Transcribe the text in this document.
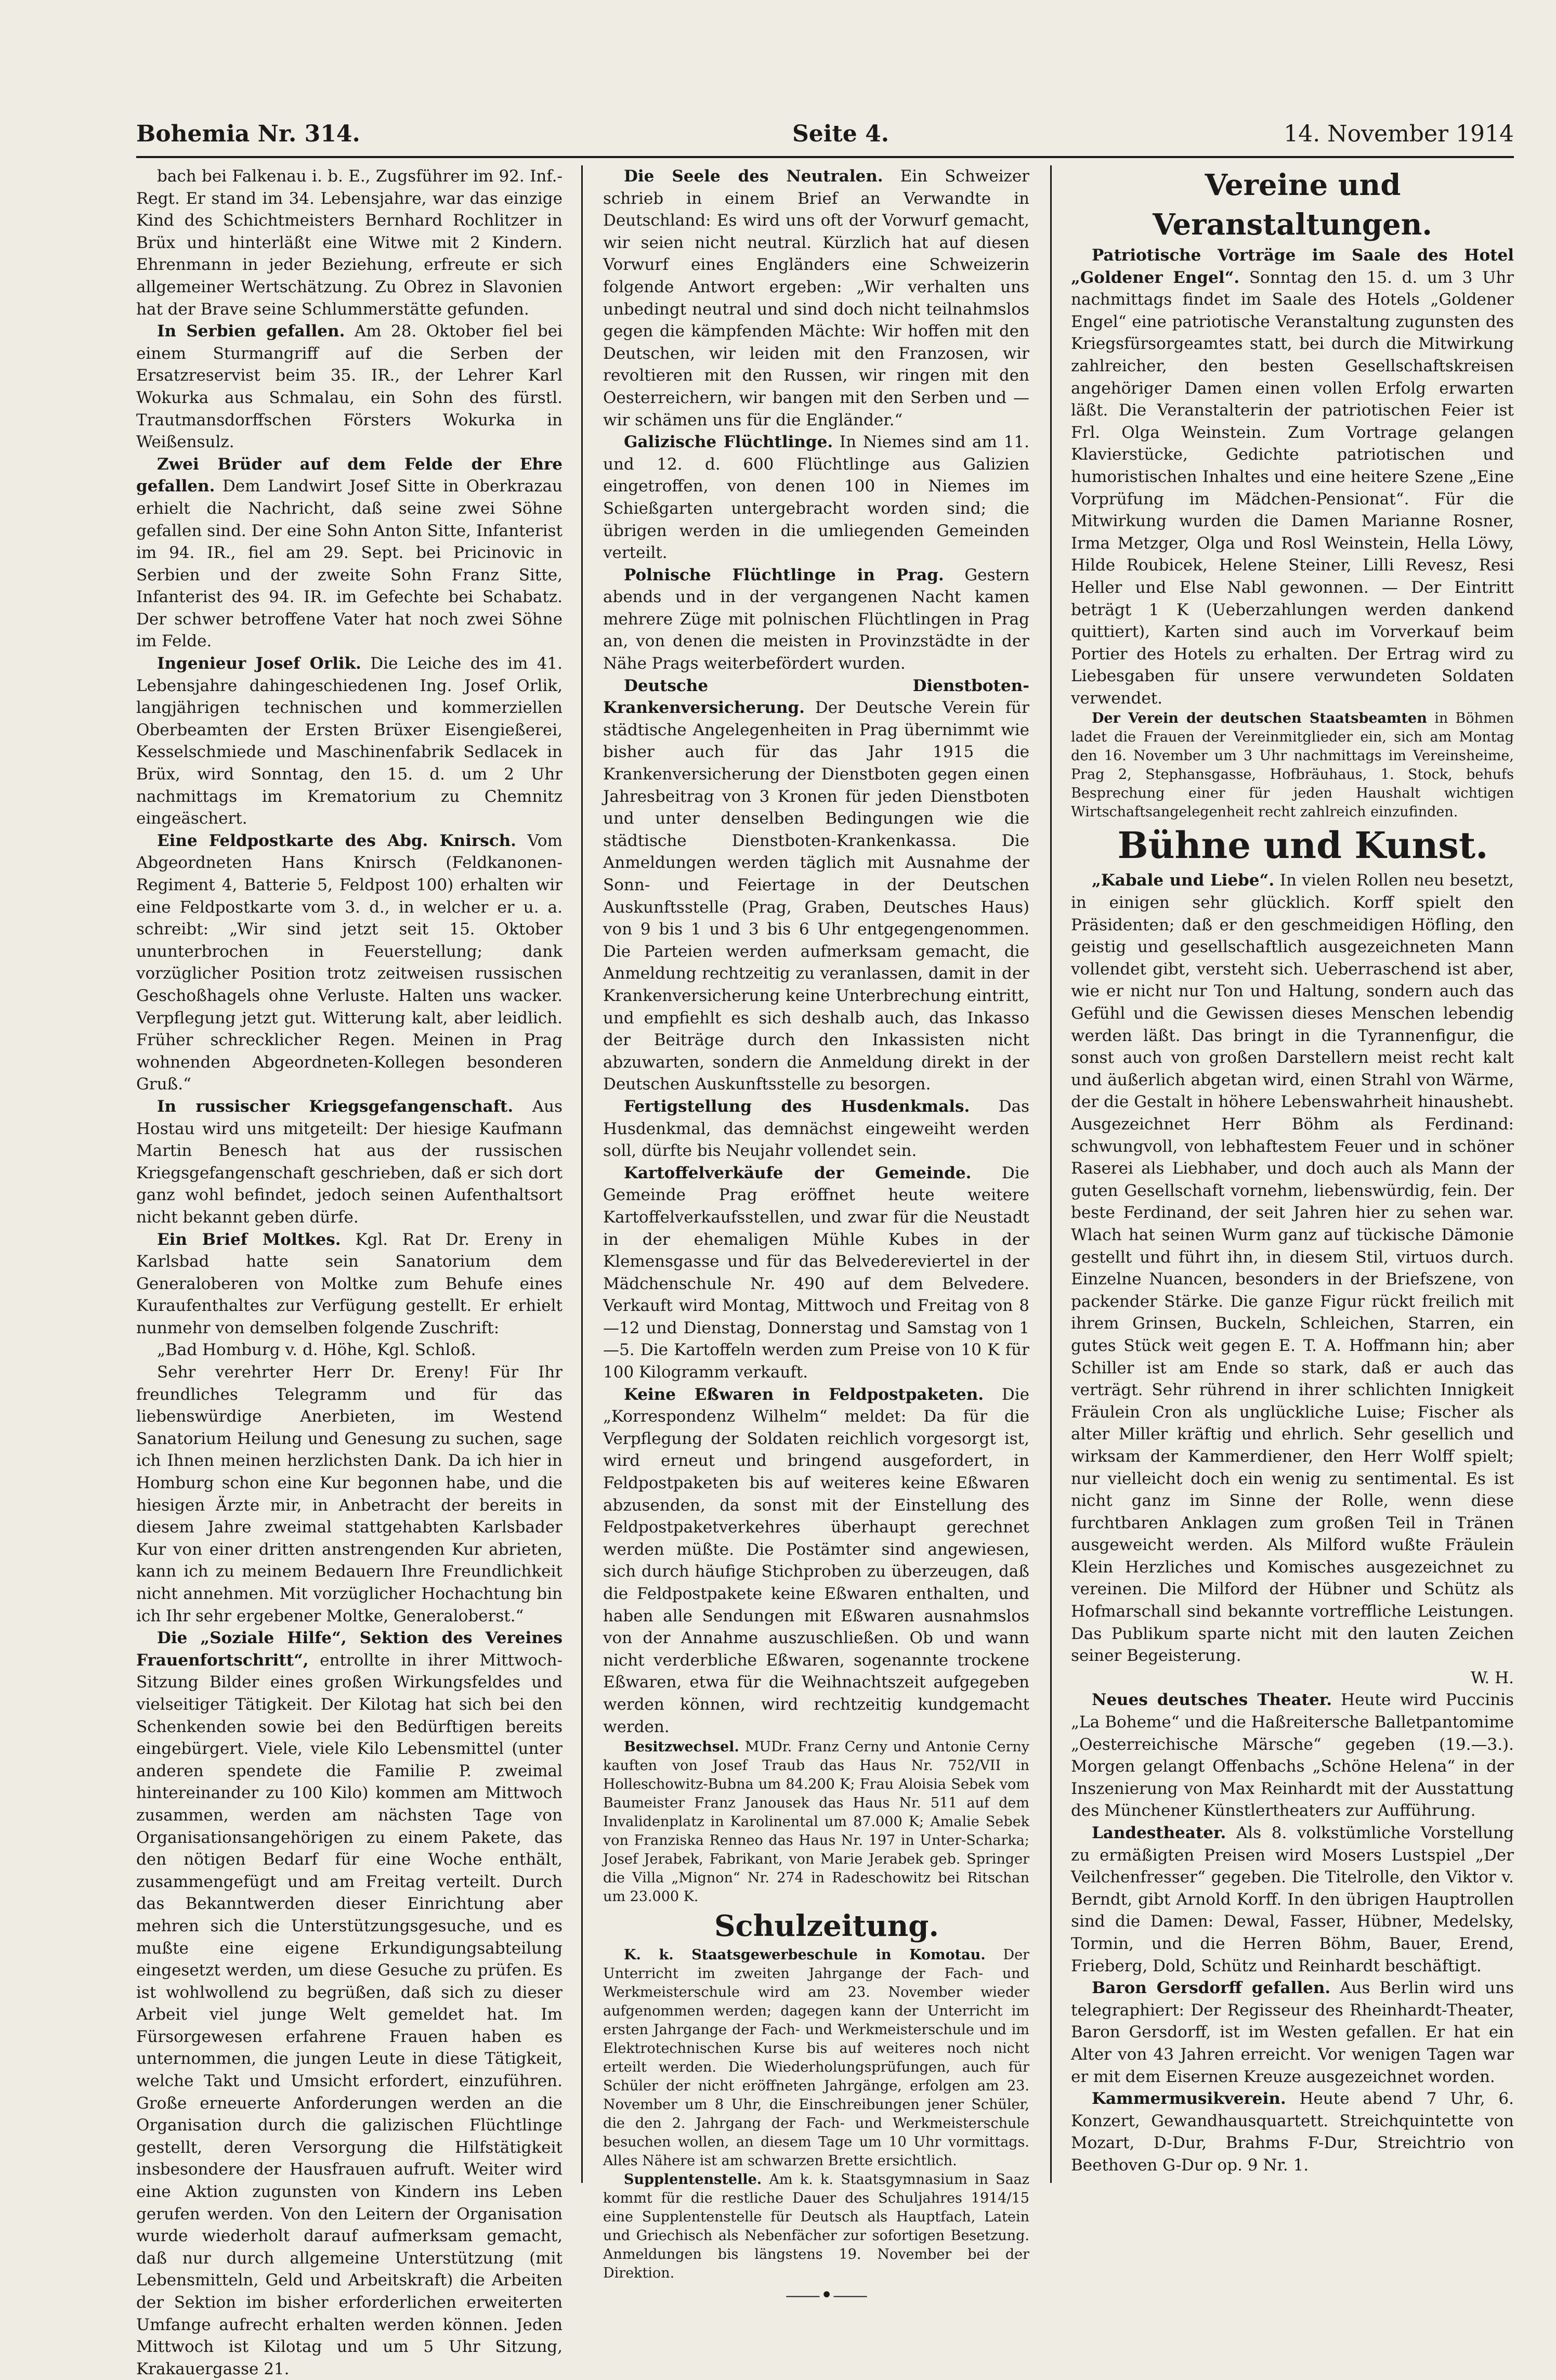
Bohemia Nr. 314.	Seite 4.	14. November 1914

bach bei Falkenau i. b. E., Zugsführer im 92. Inf.-Regt. Er stand im 34. Lebensjahre, war das einzige Kind des Schichtmeisters Bernhard Rochlitzer in Brüx und hinterläßt eine Witwe mit 2 Kindern. Ehrenmann in jeder Beziehung, erfreute er sich allgemeiner Wertschätzung. Zu Obrez in Slavonien hat der Brave seine Schlummerstätte gefunden.

In Serbien gefallen. Am 28. Oktober fiel bei einem Sturmangriff auf die Serben der Ersatzreservist beim 35. IR., der Lehrer Karl Wokurka aus Schmalau, ein Sohn des fürstl. Trautmansdorffschen Försters Wokurka in Weißensulz.

Zwei Brüder auf dem Felde der Ehre gefallen. Dem Landwirt Josef Sitte in Oberkrazau erhielt die Nachricht, daß seine zwei Söhne gefallen sind. Der eine Sohn Anton Sitte, Infanterist im 94. IR., fiel am 29. Sept. bei Pricinovic in Serbien und der zweite Sohn Franz Sitte, Infanterist des 94. IR. im Gefechte bei Schabatz. Der schwer betroffene Vater hat noch zwei Söhne im Felde.

Ingenieur Josef Orlik. Die Leiche des im 41. Lebensjahre dahingeschiedenen Ing. Josef Orlik, langjährigen technischen und kommerziellen Oberbeamten der Ersten Brüxer Eisengießerei, Kesselschmiede und Maschinenfabrik Sedlacek in Brüx, wird Sonntag, den 15. d. um 2 Uhr nachmittags im Krematorium zu Chemnitz eingeäschert.

Eine Feldpostkarte des Abg. Knirsch. Vom Abgeordneten Hans Knirsch (Feldkanonen-Regiment 4, Batterie 5, Feldpost 100) erhalten wir eine Feldpostkarte vom 3. d., in welcher er u. a. schreibt: „Wir sind jetzt seit 15. Oktober ununterbrochen in Feuerstellung; dank vorzüglicher Position trotz zeitweisen russischen Geschoßhagels ohne Verluste. Halten uns wacker. Verpflegung jetzt gut. Witterung kalt, aber leidlich. Früher schrecklicher Regen. Meinen in Prag wohnenden Abgeordneten-Kollegen besonderen Gruß.“

In russischer Kriegsgefangenschaft. Aus Hostau wird uns mitgeteilt: Der hiesige Kaufmann Martin Benesch hat aus der russischen Kriegsgefangenschaft geschrieben, daß er sich dort ganz wohl befindet, jedoch seinen Aufenthaltsort nicht bekannt geben dürfe.

Ein Brief Moltkes. Kgl. Rat Dr. Ereny in Karlsbad hatte sein Sanatorium dem Generaloberen von Moltke zum Behufe eines Kuraufenthaltes zur Verfügung gestellt. Er erhielt nunmehr von demselben folgende Zuschrift:

„Bad Homburg v. d. Höhe, Kgl. Schloß.

Sehr verehrter Herr Dr. Ereny! Für Ihr freundliches Telegramm und für das liebenswürdige Anerbieten, im Westend Sanatorium Heilung und Genesung zu suchen, sage ich Ihnen meinen herzlichsten Dank. Da ich hier in Homburg schon eine Kur begonnen habe, und die hiesigen Ärzte mir, in Anbetracht der bereits in diesem Jahre zweimal stattgehabten Karlsbader Kur von einer dritten anstrengenden Kur abrieten, kann ich zu meinem Bedauern Ihre Freundlichkeit nicht annehmen. Mit vorzüglicher Hochachtung bin ich Ihr sehr ergebener Moltke, Generaloberst.“

Die „Soziale Hilfe“, Sektion des Vereines Frauenfortschritt“, entrollte in ihrer Mittwoch-Sitzung Bilder eines großen Wirkungsfeldes und vielseitiger Tätigkeit. Der Kilotag hat sich bei den Schenkenden sowie bei den Bedürftigen bereits eingebürgert. Viele, viele Kilo Lebensmittel (unter anderen spendete die Familie P. zweimal hintereinander zu 100 Kilo) kommen am Mittwoch zusammen, werden am nächsten Tage von Organisationsangehörigen zu einem Pakete, das den nötigen Bedarf für eine Woche enthält, zusammengefügt und am Freitag verteilt. Durch das Bekanntwerden dieser Einrichtung aber mehren sich die Unterstützungsgesuche, und es mußte eine eigene Erkundigungsabteilung eingesetzt werden, um diese Gesuche zu prüfen. Es ist wohlwollend zu begrüßen, daß sich zu dieser Arbeit viel junge Welt gemeldet hat. Im Fürsorgewesen erfahrene Frauen haben es unternommen, die jungen Leute in diese Tätigkeit, welche Takt und Umsicht erfordert, einzuführen. Große erneuerte Anforderungen werden an die Organisation durch die galizischen Flüchtlinge gestellt, deren Versorgung die Hilfstätigkeit insbesondere der Hausfrauen aufruft. Weiter wird eine Aktion zugunsten von Kindern ins Leben gerufen werden. Von den Leitern der Organisation wurde wiederholt darauf aufmerksam gemacht, daß nur durch allgemeine Unterstützung (mit Lebensmitteln, Geld und Arbeitskraft) die Arbeiten der Sektion im bisher erforderlichen erweiterten Umfange aufrecht erhalten werden können. Jeden Mittwoch ist Kilotag und um 5 Uhr Sitzung, Krakauergasse 21.

Die Seele des Neutralen. Ein Schweizer schrieb in einem Brief an Verwandte in Deutschland: Es wird uns oft der Vorwurf gemacht, wir seien nicht neutral. Kürzlich hat auf diesen Vorwurf eines Engländers eine Schweizerin folgende Antwort ergeben: „Wir verhalten uns unbedingt neutral und sind doch nicht teilnahmslos gegen die kämpfenden Mächte: Wir hoffen mit den Deutschen, wir leiden mit den Franzosen, wir revoltieren mit den Russen, wir ringen mit den Oesterreichern, wir bangen mit den Serben und — wir schämen uns für die Engländer.“

Galizische Flüchtlinge. In Niemes sind am 11. und 12. d. 600 Flüchtlinge aus Galizien eingetroffen, von denen 100 in Niemes im Schießgarten untergebracht worden sind; die übrigen werden in die umliegenden Gemeinden verteilt.

Polnische Flüchtlinge in Prag. Gestern abends und in der vergangenen Nacht kamen mehrere Züge mit polnischen Flüchtlingen in Prag an, von denen die meisten in Provinzstädte in der Nähe Prags weiterbefördert wurden.

Deutsche Dienstboten-Krankenversicherung. Der Deutsche Verein für städtische Angelegenheiten in Prag übernimmt wie bisher auch für das Jahr 1915 die Krankenversicherung der Dienstboten gegen einen Jahresbeitrag von 3 Kronen für jeden Dienstboten und unter denselben Bedingungen wie die städtische Dienstboten-Krankenkassa. Die Anmeldungen werden täglich mit Ausnahme der Sonn- und Feiertage in der Deutschen Auskunftsstelle (Prag, Graben, Deutsches Haus) von 9 bis 1 und 3 bis 6 Uhr entgegengenommen. Die Parteien werden aufmerksam gemacht, die Anmeldung rechtzeitig zu veranlassen, damit in der Krankenversicherung keine Unterbrechung eintritt, und empfiehlt es sich deshalb auch, das Inkasso der Beiträge durch den Inkassisten nicht abzuwarten, sondern die Anmeldung direkt in der Deutschen Auskunftsstelle zu besorgen.

Fertigstellung des Husdenkmals. Das Husdenkmal, das demnächst eingeweiht werden soll, dürfte bis Neujahr vollendet sein.

Kartoffelverkäufe der Gemeinde. Die Gemeinde Prag eröffnet heute weitere Kartoffelverkaufsstellen, und zwar für die Neustadt in der ehemaligen Mühle Kubes in der Klemensgasse und für das Belvedereviertel in der Mädchenschule Nr. 490 auf dem Belvedere. Verkauft wird Montag, Mittwoch und Freitag von 8—12 und Dienstag, Donnerstag und Samstag von 1—5. Die Kartoffeln werden zum Preise von 10 K für 100 Kilogramm verkauft.

Keine Eßwaren in Feldpostpaketen. Die „Korrespondenz Wilhelm“ meldet: Da für die Verpflegung der Soldaten reichlich vorgesorgt ist, wird erneut und bringend ausgefordert, in Feldpostpaketen bis auf weiteres keine Eßwaren abzusenden, da sonst mit der Einstellung des Feldpostpaketverkehres überhaupt gerechnet werden müßte. Die Postämter sind angewiesen, sich durch häufige Stichproben zu überzeugen, daß die Feldpostpakete keine Eßwaren enthalten, und haben alle Sendungen mit Eßwaren ausnahmslos von der Annahme auszuschließen. Ob und wann nicht verderbliche Eßwaren, sogenannte trockene Eßwaren, etwa für die Weihnachtszeit aufgegeben werden können, wird rechtzeitig kundgemacht werden.

Besitzwechsel. MUDr. Franz Cerny und Antonie Cerny kauften von Josef Traub das Haus Nr. 752/VII in Holleschowitz-Bubna um 84.200 K; Frau Aloisia Sebek vom Baumeister Franz Janousek das Haus Nr. 511 auf dem Invalidenplatz in Karolinental um 87.000 K; Amalie Sebek von Franziska Renneo das Haus Nr. 197 in Unter-Scharka; Josef Jerabek, Fabrikant, von Marie Jerabek geb. Springer die Villa „Mignon“ Nr. 274 in Radeschowitz bei Ritschan um 23.000 K.

Schulzeitung.

K. k. Staatsgewerbeschule in Komotau. Der Unterricht im zweiten Jahrgange der Fach- und Werkmeisterschule wird am 23. November wieder aufgenommen werden; dagegen kann der Unterricht im ersten Jahrgange der Fach- und Werkmeisterschule und im Elektrotechnischen Kurse bis auf weiteres noch nicht erteilt werden. Die Wiederholungsprüfungen, auch für Schüler der nicht eröffneten Jahrgänge, erfolgen am 23. November um 8 Uhr, die Einschreibungen jener Schüler, die den 2. Jahrgang der Fach- und Werkmeisterschule besuchen wollen, an diesem Tage um 10 Uhr vormittags. Alles Nähere ist am schwarzen Brette ersichtlich.

Supplentenstelle. Am k. k. Staatsgymnasium in Saaz kommt für die restliche Dauer des Schuljahres 1914/15 eine Supplentenstelle für Deutsch als Hauptfach, Latein und Griechisch als Nebenfächer zur sofortigen Besetzung. Anmeldungen bis längstens 19. November bei der Direktion.

⸺•⸺

Vereine und Veranstaltungen.

Patriotische Vorträge im Saale des Hotel „Goldener Engel“. Sonntag den 15. d. um 3 Uhr nachmittags findet im Saale des Hotels „Goldener Engel“ eine patriotische Veranstaltung zugunsten des Kriegsfürsorgeamtes statt, bei durch die Mitwirkung zahlreicher, den besten Gesellschaftskreisen angehöriger Damen einen vollen Erfolg erwarten läßt. Die Veranstalterin der patriotischen Feier ist Frl. Olga Weinstein. Zum Vortrage gelangen Klavierstücke, Gedichte patriotischen und humoristischen Inhaltes und eine heitere Szene „Eine Vorprüfung im Mädchen-Pensionat“. Für die Mitwirkung wurden die Damen Marianne Rosner, Irma Metzger, Olga und Rosl Weinstein, Hella Löwy, Hilde Roubicek, Helene Steiner, Lilli Revesz, Resi Heller und Else Nabl gewonnen. — Der Eintritt beträgt 1 K (Ueberzahlungen werden dankend quittiert), Karten sind auch im Vorverkauf beim Portier des Hotels zu erhalten. Der Ertrag wird zu Liebesgaben für unsere verwundeten Soldaten verwendet.

Der Verein der deutschen Staatsbeamten in Böhmen ladet die Frauen der Vereinmitglieder ein, sich am Montag den 16. November um 3 Uhr nachmittags im Vereinsheime, Prag 2, Stephansgasse, Hofbräuhaus, 1. Stock, behufs Besprechung einer für jeden Haushalt wichtigen Wirtschaftsangelegenheit recht zahlreich einzufinden.

Bühne und Kunst.

„Kabale und Liebe“. In vielen Rollen neu besetzt, in einigen sehr glücklich. Korff spielt den Präsidenten; daß er den geschmeidigen Höfling, den geistig und gesellschaftlich ausgezeichneten Mann vollendet gibt, versteht sich. Ueberraschend ist aber, wie er nicht nur Ton und Haltung, sondern auch das Gefühl und die Gewissen dieses Menschen lebendig werden läßt. Das bringt in die Tyrannenfigur, die sonst auch von großen Darstellern meist recht kalt und äußerlich abgetan wird, einen Strahl von Wärme, der die Gestalt in höhere Lebenswahrheit hinaushebt. Ausgezeichnet Herr Böhm als Ferdinand: schwungvoll, von lebhaftestem Feuer und in schöner Raserei als Liebhaber, und doch auch als Mann der guten Gesellschaft vornehm, liebenswürdig, fein. Der beste Ferdinand, der seit Jahren hier zu sehen war. Wlach hat seinen Wurm ganz auf tückische Dämonie gestellt und führt ihn, in diesem Stil, virtuos durch. Einzelne Nuancen, besonders in der Briefszene, von packender Stärke. Die ganze Figur rückt freilich mit ihrem Grinsen, Buckeln, Schleichen, Starren, ein gutes Stück weit gegen E. T. A. Hoffmann hin; aber Schiller ist am Ende so stark, daß er auch das verträgt. Sehr rührend in ihrer schlichten Innigkeit Fräulein Cron als unglückliche Luise; Fischer als alter Miller kräftig und ehrlich. Sehr gesellich und wirksam der Kammerdiener, den Herr Wolff spielt; nur vielleicht doch ein wenig zu sentimental. Es ist nicht ganz im Sinne der Rolle, wenn diese furchtbaren Anklagen zum großen Teil in Tränen ausgeweicht werden. Als Milford wußte Fräulein Klein Herzliches und Komisches ausgezeichnet zu vereinen. Die Milford der Hübner und Schütz als Hofmarschall sind bekannte vortreffliche Leistungen. Das Publikum sparte nicht mit den lauten Zeichen seiner Begeisterung.
W. H.

Neues deutsches Theater. Heute wird Puccinis „La Boheme“ und die Haßreitersche Balletpantomime „Oesterreichische Märsche“ gegeben (19.—3.). Morgen gelangt Offenbachs „Schöne Helena“ in der Inszenierung von Max Reinhardt mit der Ausstattung des Münchener Künstlertheaters zur Aufführung.

Landestheater. Als 8. volkstümliche Vorstellung zu ermäßigten Preisen wird Mosers Lustspiel „Der Veilchenfresser“ gegeben. Die Titelrolle, den Viktor v. Berndt, gibt Arnold Korff. In den übrigen Hauptrollen sind die Damen: Dewal, Fasser, Hübner, Medelsky, Tormin, und die Herren Böhm, Bauer, Erend, Frieberg, Dold, Schütz und Reinhardt beschäftigt.

Baron Gersdorff gefallen. Aus Berlin wird uns telegraphiert: Der Regisseur des Rheinhardt-Theater, Baron Gersdorff, ist im Westen gefallen. Er hat ein Alter von 43 Jahren erreicht. Vor wenigen Tagen war er mit dem Eisernen Kreuze ausgezeichnet worden.

Kammermusikverein. Heute abend 7 Uhr, 6. Konzert, Gewandhausquartett. Streichquintette von Mozart, D-Dur, Brahms F-Dur, Streichtrio von Beethoven G-Dur op. 9 Nr. 1.
